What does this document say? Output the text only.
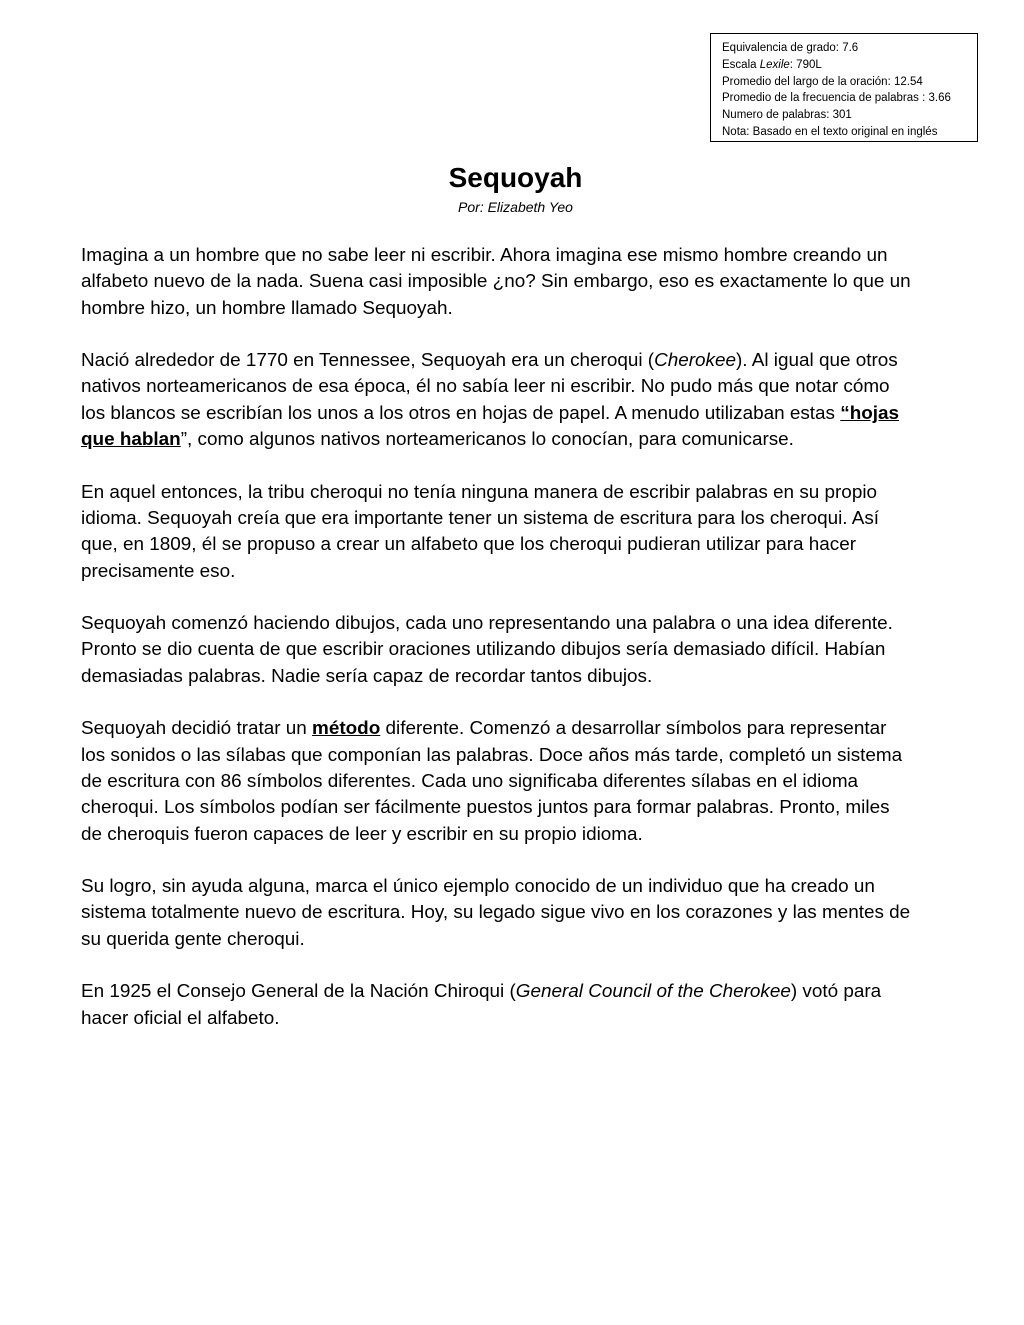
Equivalencia de grado: 7.6
Escala Lexile: 790L
Promedio del largo de la oración: 12.54
Promedio de la frecuencia de palabras : 3.66
Numero de palabras: 301
Nota: Basado en el texto original en inglés
Sequoyah
Por: Elizabeth Yeo

Imagina a un hombre que no sabe leer ni escribir. Ahora imagina ese mismo hombre creando un
alfabeto nuevo de la nada. Suena casi imposible ¿no? Sin embargo, eso es exactamente lo que un
hombre hizo, un hombre llamado Sequoyah.

Nació alrededor de 1770 en Tennessee, Sequoyah era un cheroqui (Cherokee). Al igual que otros
nativos norteamericanos de esa época, él no sabía leer ni escribir. No pudo más que notar cómo
los blancos se escribían los unos a los otros en hojas de papel. A menudo utilizaban estas “hojas
que hablan”, como algunos nativos norteamericanos lo conocían, para comunicarse.

En aquel entonces, la tribu cheroqui no tenía ninguna manera de escribir palabras en su propio
idioma. Sequoyah creía que era importante tener un sistema de escritura para los cheroqui. Así
que, en 1809, él se propuso a crear un alfabeto que los cheroqui pudieran utilizar para hacer
precisamente eso.

Sequoyah comenzó haciendo dibujos, cada uno representando una palabra o una idea diferente.
Pronto se dio cuenta de que escribir oraciones utilizando dibujos sería demasiado difícil. Habían
demasiadas palabras. Nadie sería capaz de recordar tantos dibujos.

Sequoyah decidió tratar un método diferente. Comenzó a desarrollar símbolos para representar
los sonidos o las sílabas que componían las palabras. Doce años más tarde, completó un sistema
de escritura con 86 símbolos diferentes. Cada uno significaba diferentes sílabas en el idioma
cheroqui. Los símbolos podían ser fácilmente puestos juntos para formar palabras. Pronto, miles
de cheroquis fueron capaces de leer y escribir en su propio idioma.

Su logro, sin ayuda alguna, marca el único ejemplo conocido de un individuo que ha creado un
sistema totalmente nuevo de escritura. Hoy, su legado sigue vivo en los corazones y las mentes de
su querida gente cheroqui.

En 1925 el Consejo General de la Nación Chiroqui (General Council of the Cherokee) votó para
hacer oficial el alfabeto.
